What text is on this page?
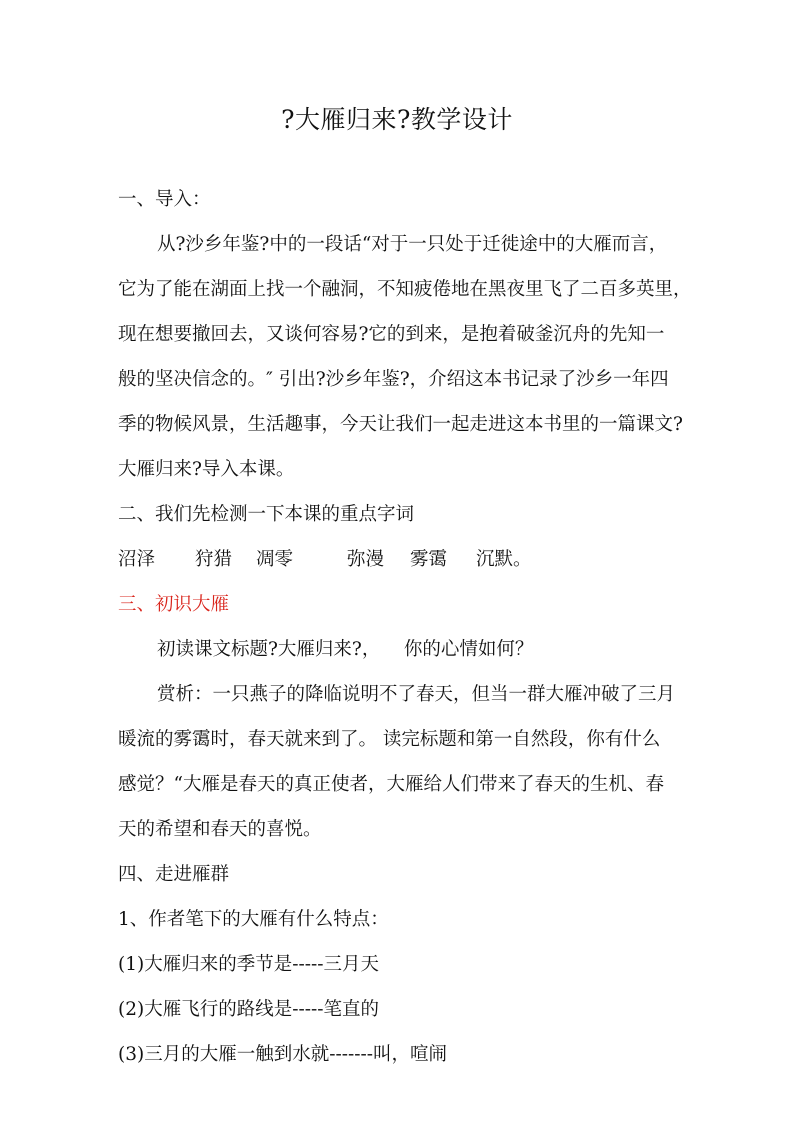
?大雁归来?教学设计
一、导入：
从?沙乡年鉴?中的一段话“对于一只处于迁徙途中的大雁而言，
它为了能在湖面上找一个融洞，不知疲倦地在黑夜里飞了二百多英里，
现在想要撤回去，又谈何容易?它的到来，是抱着破釜沉舟的先知一
般的坚决信念的。″ 引出?沙乡年鉴?，介绍这本书记录了沙乡一年四
季的物候风景，生活趣事，今天让我们一起走进这本书里的一篇课文?
大雁归来?导入本课。
二、我们先检测一下本课的重点字词
沼泽 狩猎 凋零	弥漫 雾霭 沉默。
三、初识大雁
初读课文标题?大雁归来?，    你的心情如何？
赏析：一只燕子的降临说明不了春天，但当一群大雁冲破了三月
暖流的雾霭时，春天就来到了。 读完标题和第一自然段，你有什么
感觉？“大雁是春天的真正使者，大雁给人们带来了春天的生机、春
天的希望和春天的喜悦。
四、走进雁群
1、作者笔下的大雁有什么特点：
(1)大雁归来的季节是-----三月天
(2)大雁飞行的路线是-----笔直的
(3)三月的大雁一触到水就-------叫，喧闹
